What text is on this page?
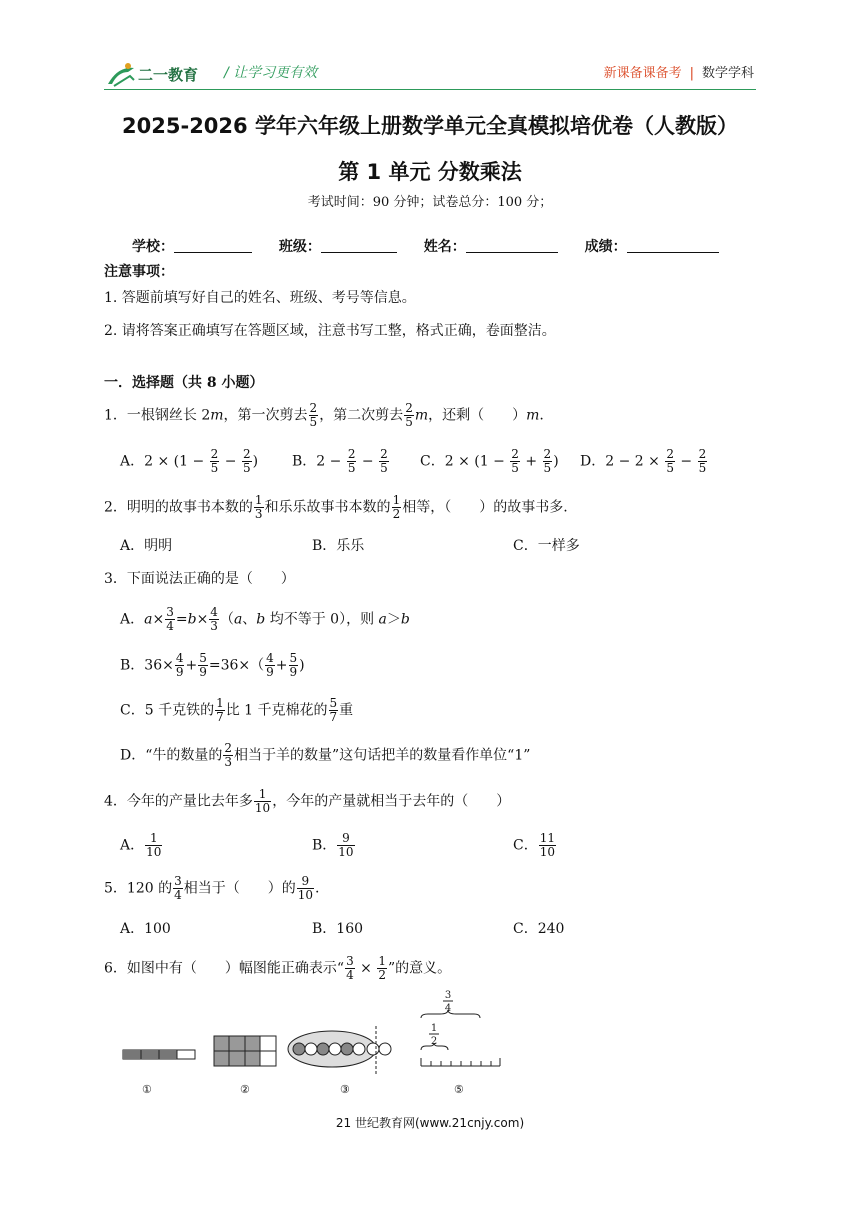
二一教育 / 让学习更有效	新课备课备考 | 数学学科
2025-2026 学年六年级上册数学单元全真模拟培优卷（人教版）
第 1 单元 分数乘法
考试时间：90 分钟；试卷总分：100 分；
学校：	班级：	姓名：	成绩：
注意事项：
1. 答题前填写好自己的姓名、班级、考号等信息。
2. 请将答案正确填写在答题区域，注意书写工整，格式正确，卷面整洁。
一．选择题（共 8 小题）
1．一根钢丝长 2m，第一次剪去 $\frac{2}{5}$ ，第二次剪去 $\frac{2}{5}$ m，还剩（　　）m.
A．$2 \times (1 - \frac{2}{5} - \frac{2}{5}$ ) B．$2 - \frac{2}{5} - \frac{2}{5}$ C．$2 \times (1 - \frac{2}{5} + \frac{2}{5}$ ) D．$2 - 2 \times \frac{2}{5} - \frac{2}{5}$
2．明明的故事书本数的 $\frac{1}{3}$ 和乐乐故事书本数的 $\frac{1}{2}$ 相等，（　　）的故事书多.
A．明明	B．乐乐	C．一样多
3．下面说法正确的是（　　）
A．$a\times \frac{3}{4} =b\times \frac{4}{3} (a$、b 均不等于 0），则 a＞b
B．$36\times \frac{4}{9} + \frac{5}{9} =36\times( \frac{4}{9} + \frac{5}{9}$ )
C．5 千克铁的 $\frac{1}{7}$ 比 1 千克棉花的 $\frac{5}{7}$ 重
D．“牛的数量的 $\frac{2}{3}$ 相当于羊的数量”这句话把羊的数量看作单位“1”
4．今年的产量比去年多 $\frac{1}{10}$ ，今年的产量就相当于去年的（　　）
A． $\frac{1}{10}$	B． $\frac{9}{10}$	C． $\frac{11}{10}$
5．120 的 $\frac{3}{4}$ 相当于（　　）的 $\frac{9}{10}$ .
A．100	B．160	C．240
6．如图中有（　　）幅图能正确表示“ $\frac{3}{4} \times \frac{1}{2}$ ”的意义。
3
4
1
2
①	②	③	⑤
21 世纪教育网(www.21cnjy.com)
